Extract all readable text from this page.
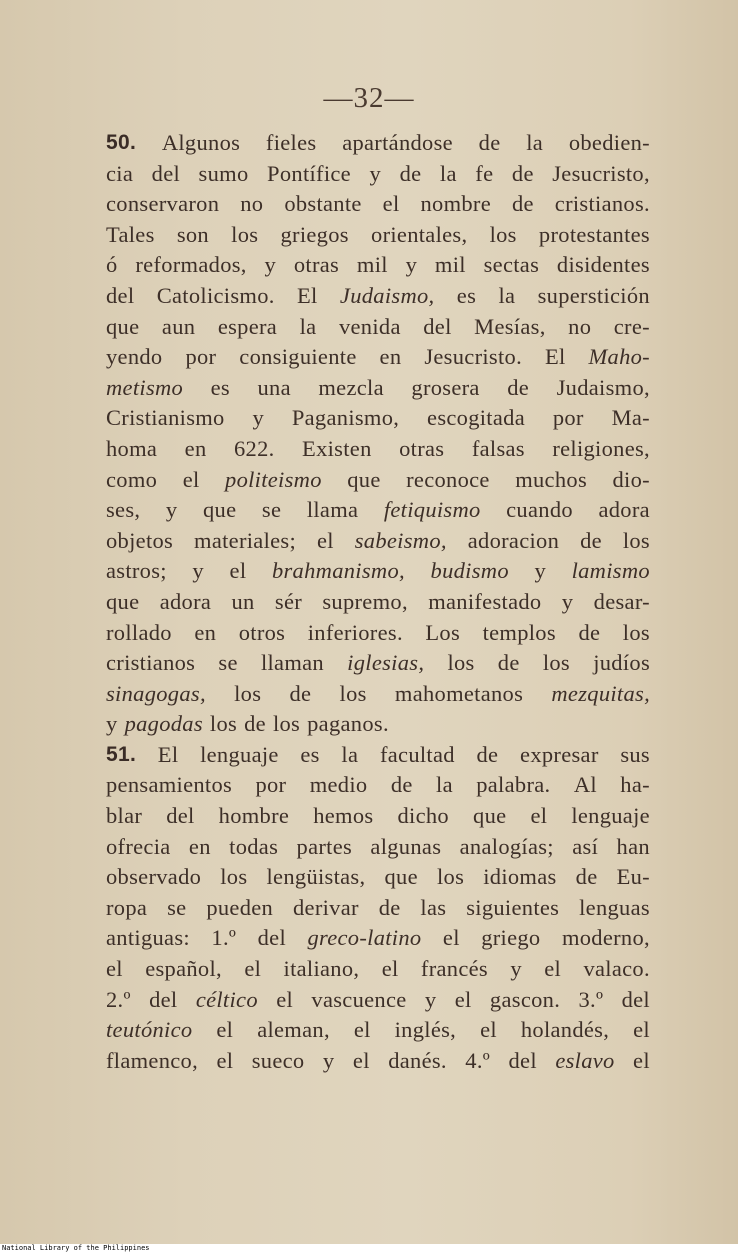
—32—
50. Algunos fieles apartándose de la obedien-
cia del sumo Pontífice y de la fe de Jesucristo,
conservaron no obstante el nombre de cristianos.
Tales son los griegos orientales, los protestantes
ó reformados, y otras mil y mil sectas disidentes
del Catolicismo. El Judaismo, es la superstición
que aun espera la venida del Mesías, no cre-
yendo por consiguiente en Jesucristo. El Maho-
metismo es una mezcla grosera de Judaismo,
Cristianismo y Paganismo, escogitada por Ma-
homa en 622. Existen otras falsas religiones,
como el politeismo que reconoce muchos dio-
ses, y que se llama fetiquismo cuando adora
objetos materiales; el sabeismo, adoracion de los
astros; y el brahmanismo, budismo y lamismo
que adora un sér supremo, manifestado y desar-
rollado en otros inferiores. Los templos de los
cristianos se llaman iglesias, los de los judíos
sinagogas, los de los mahometanos mezquitas,
y pagodas los de los paganos.
51. El lenguaje es la facultad de expresar sus
pensamientos por medio de la palabra. Al ha-
blar del hombre hemos dicho que el lenguaje
ofrecia en todas partes algunas analogías; así han
observado los lengüistas, que los idiomas de Eu-
ropa se pueden derivar de las siguientes lenguas
antiguas: 1.º del greco-latino el griego moderno,
el español, el italiano, el francés y el valaco.
2.º del céltico el vascuence y el gascon. 3.º del
teutónico el aleman, el inglés, el holandés, el
flamenco, el sueco y el danés. 4.º del eslavo el
National Library of the Philippines
